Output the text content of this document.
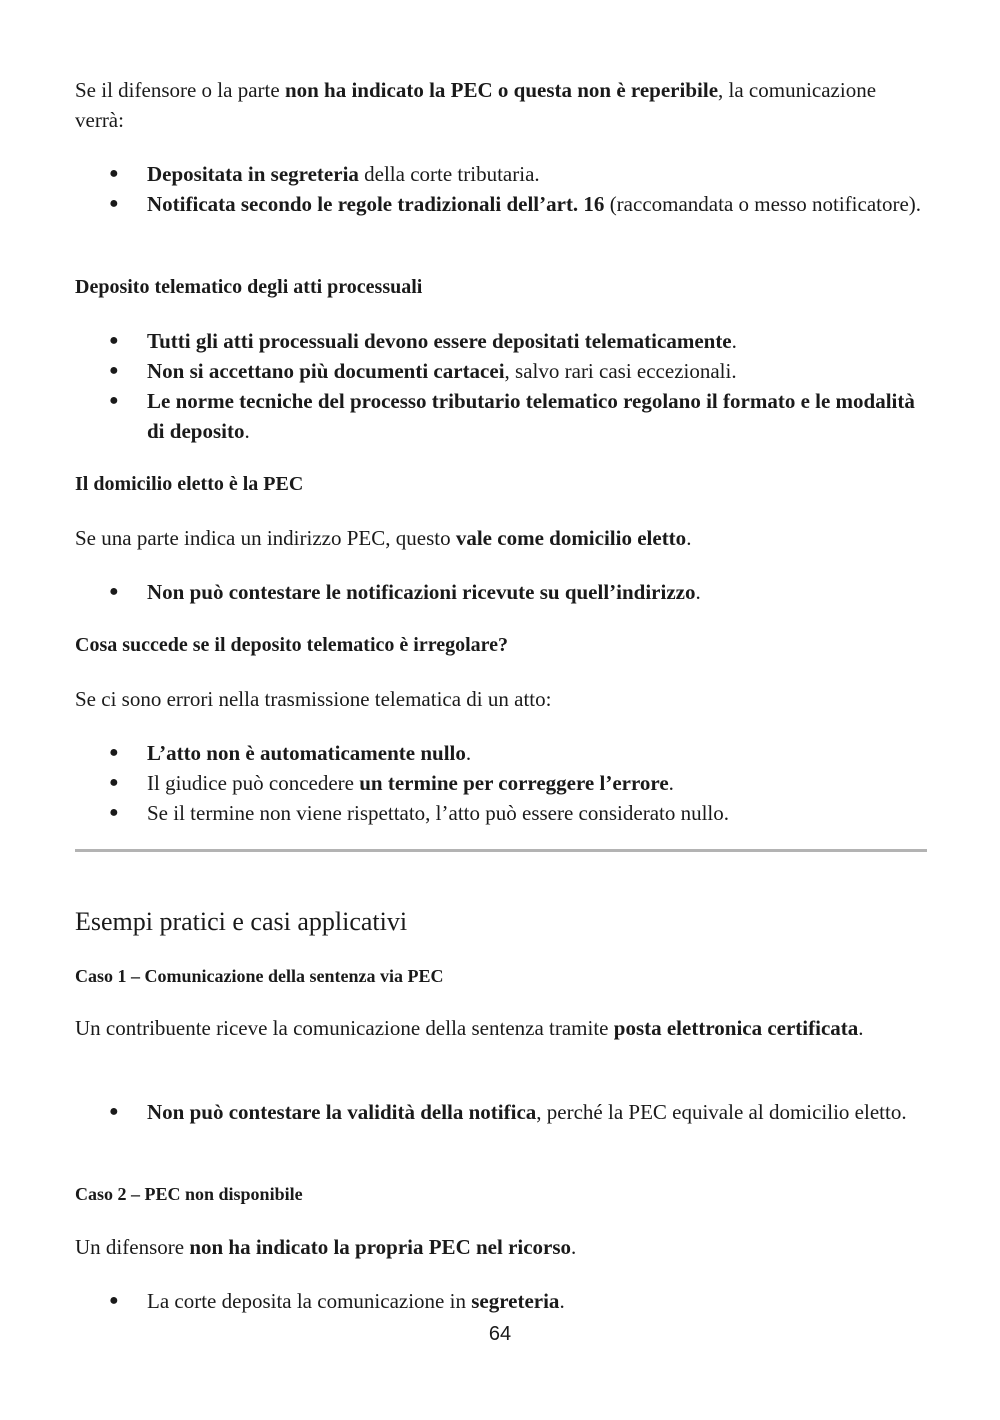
Se il difensore o la parte non ha indicato la PEC o questa non è reperibile, la comunicazione verrà:

● Depositata in segreteria della corte tributaria.
● Notificata secondo le regole tradizionali dell’art. 16 (raccomandata o messo notificatore).

Deposito telematico degli atti processuali

● Tutti gli atti processuali devono essere depositati telematicamente.
● Non si accettano più documenti cartacei, salvo rari casi eccezionali.
● Le norme tecniche del processo tributario telematico regolano il formato e le modalità di deposito.

Il domicilio eletto è la PEC

Se una parte indica un indirizzo PEC, questo vale come domicilio eletto.

● Non può contestare le notificazioni ricevute su quell’indirizzo.

Cosa succede se il deposito telematico è irregolare?

Se ci sono errori nella trasmissione telematica di un atto:

● L’atto non è automaticamente nullo.
● Il giudice può concedere un termine per correggere l’errore.
● Se il termine non viene rispettato, l’atto può essere considerato nullo.

Esempi pratici e casi applicativi

Caso 1 – Comunicazione della sentenza via PEC

Un contribuente riceve la comunicazione della sentenza tramite posta elettronica certificata.

● Non può contestare la validità della notifica, perché la PEC equivale al domicilio eletto.

Caso 2 – PEC non disponibile

Un difensore non ha indicato la propria PEC nel ricorso.

● La corte deposita la comunicazione in segreteria.
64
